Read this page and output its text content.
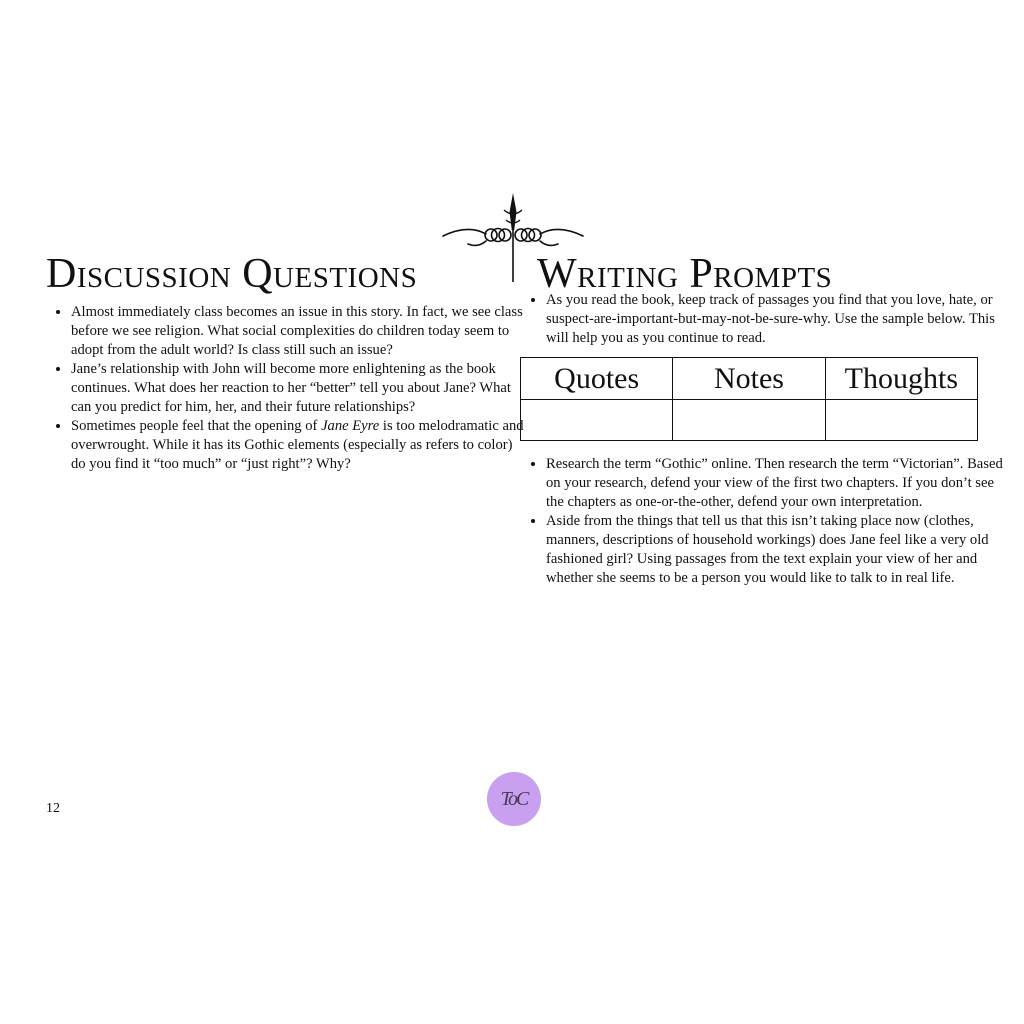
Discussion Questions	Writing Prompts
• Almost immediately class becomes an issue in this story. In fact, we see class before we see religion. What social complexities do children today seem to adopt from the adult world? Is class still such an issue?
• Jane’s relationship with John will become more enlightening as the book continues. What does her reaction to her “better” tell you about Jane? What can you predict for him, her, and their future relationships?
• Sometimes people feel that the opening of Jane Eyre is too melodramatic and overwrought. While it has its Gothic elements (especially as refers to color) do you find it “too much” or “just right”? Why?
• As you read the book, keep track of passages you find that you love, hate, or suspect-are-important-but-may-not-be-sure-why. Use the sample below. This will help you as you continue to read.
Quotes	Notes	Thoughts

• Research the term “Gothic” online. Then research the term “Victorian”. Based on your research, defend your view of the first two chapters. If you don’t see the chapters as one-or-the-other, defend your own interpretation.
• Aside from the things that tell us that this isn’t taking place now (clothes, manners, descriptions of household workings) does Jane feel like a very old fashioned girl? Using passages from the text explain your view of her and whether she seems to be a person you would like to talk to in real life.
12	ToC
